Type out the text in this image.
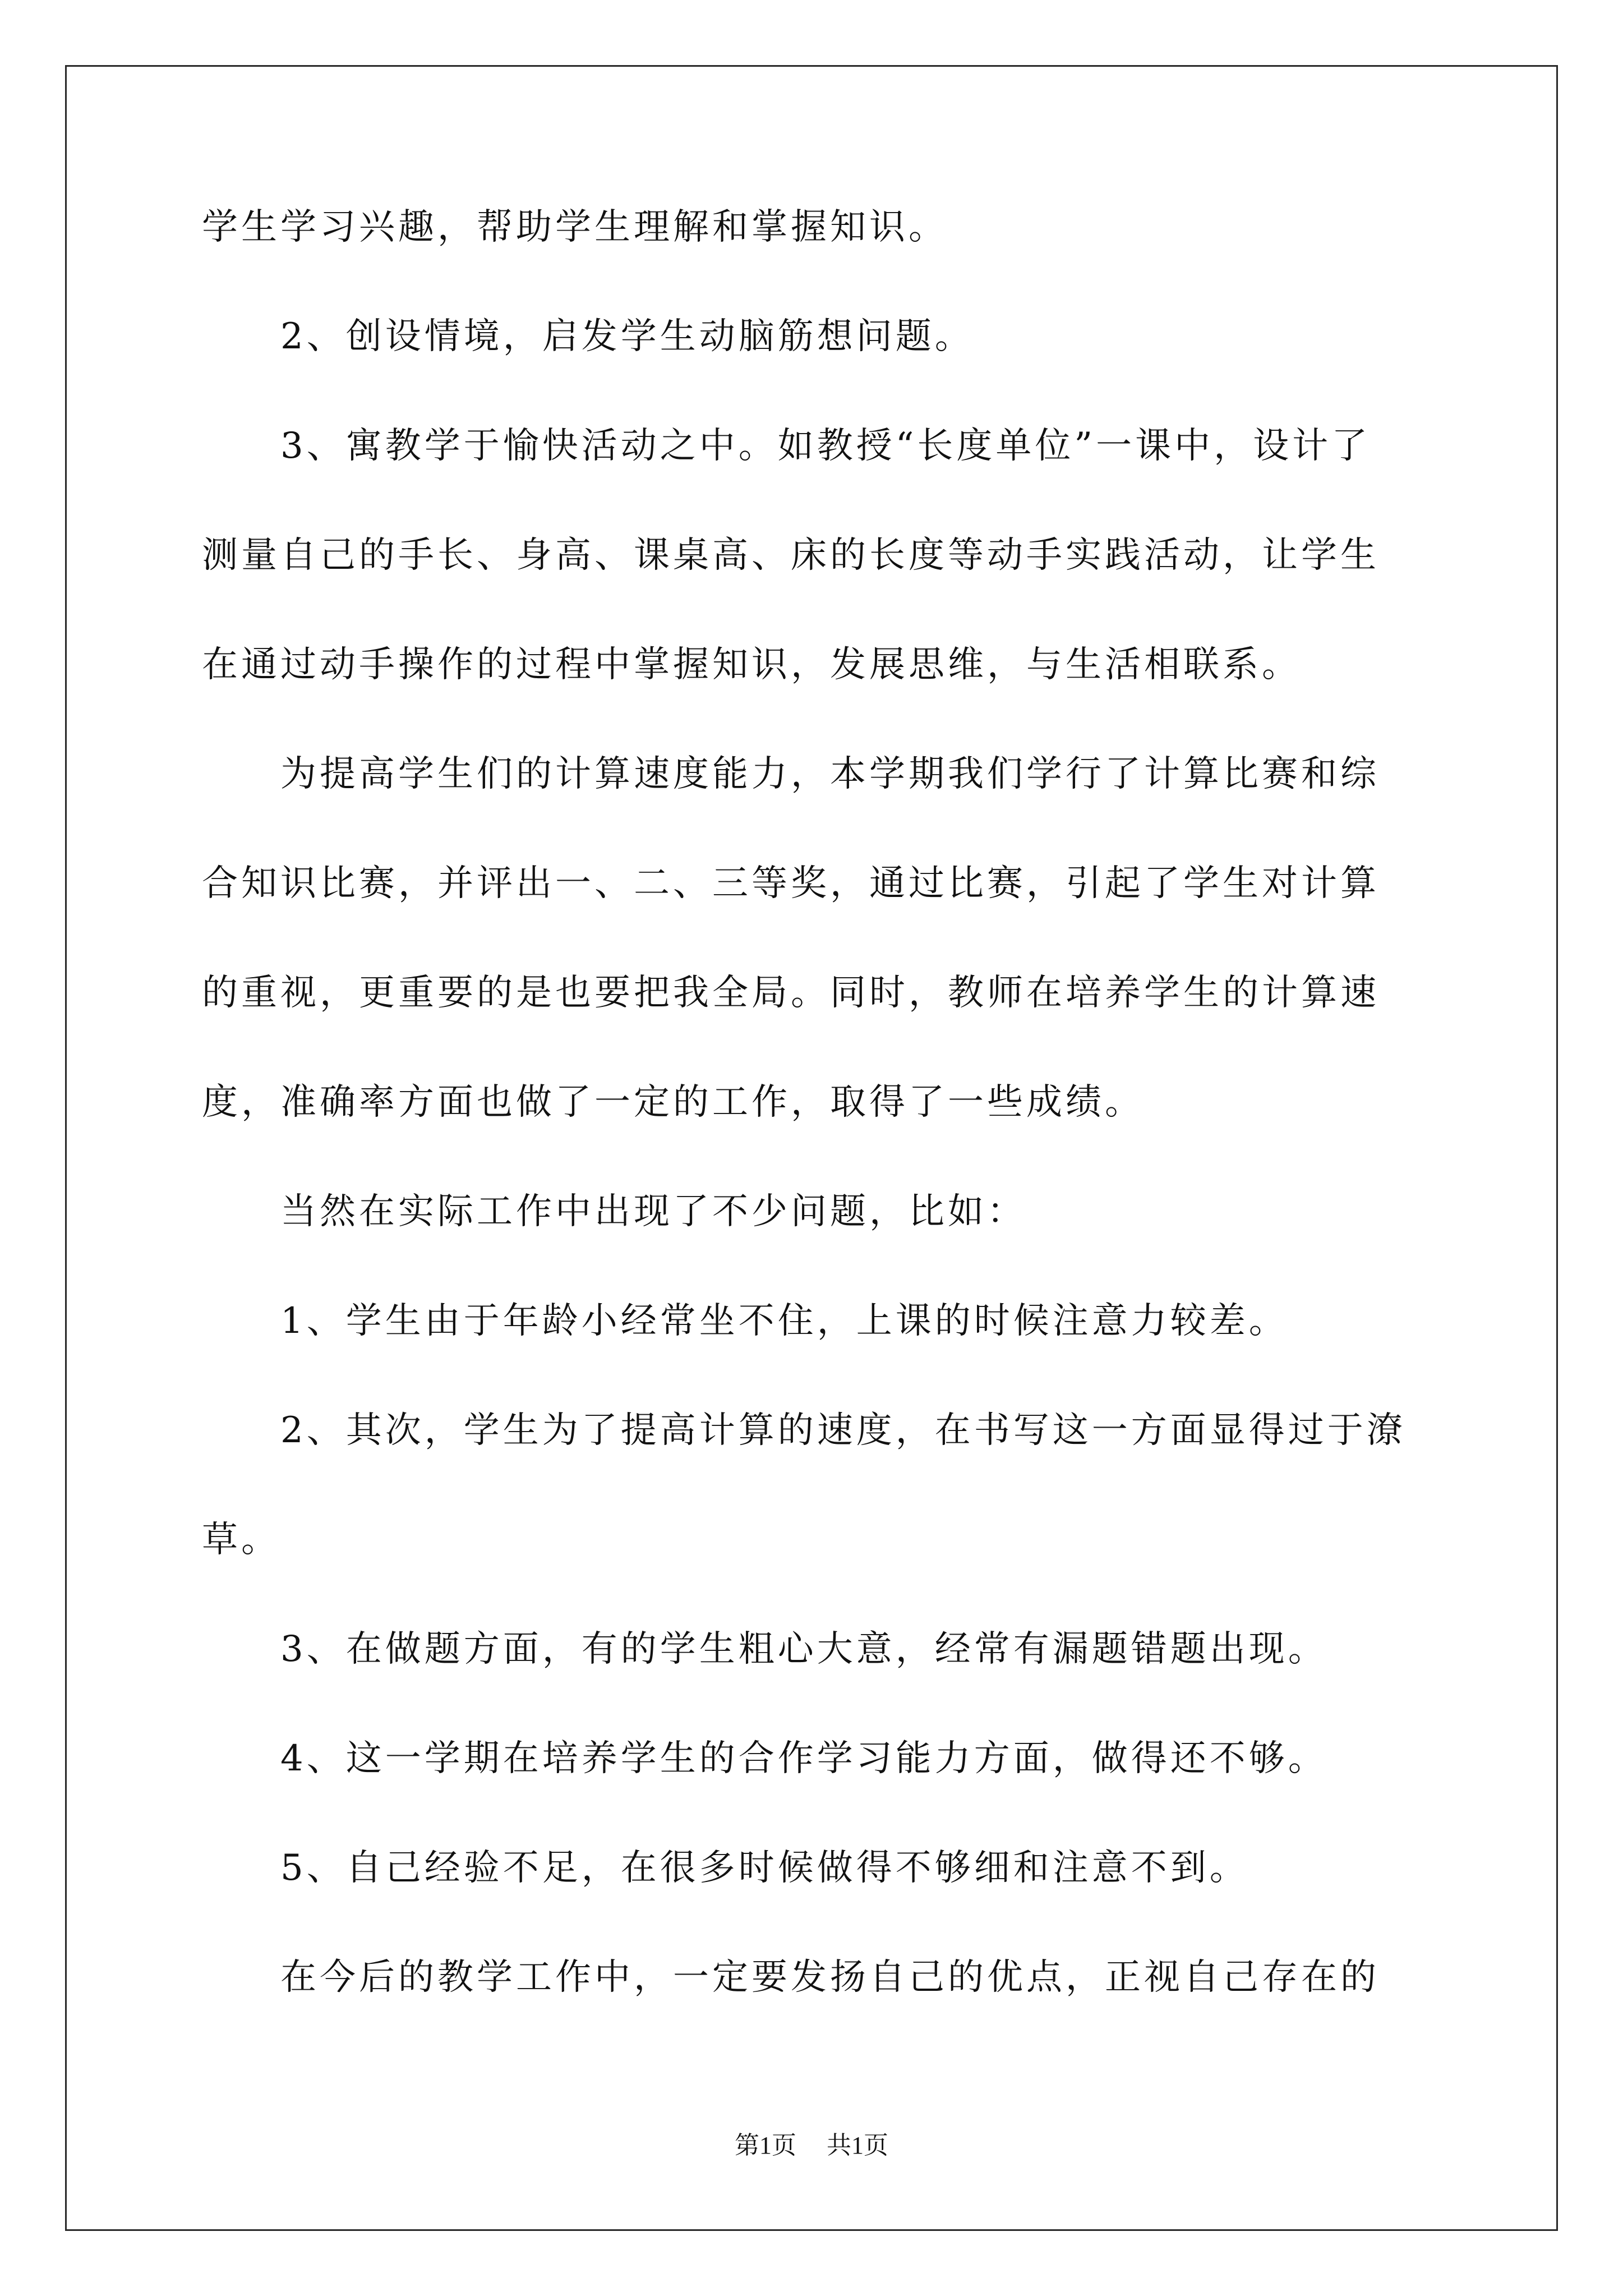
学生学习兴趣，帮助学生理解和掌握知识。
2、创设情境，启发学生动脑筋想问题。
3、寓教学于愉快活动之中。如教授“长度单位”一课中，设计了
测量自己的手长、身高、课桌高、床的长度等动手实践活动，让学生
在通过动手操作的过程中掌握知识，发展思维，与生活相联系。
为提高学生们的计算速度能力，本学期我们学行了计算比赛和综
合知识比赛，并评出一、二、三等奖，通过比赛，引起了学生对计算
的重视，更重要的是也要把我全局。同时，教师在培养学生的计算速
度，准确率方面也做了一定的工作，取得了一些成绩。
当然在实际工作中出现了不少问题，比如：
1、学生由于年龄小经常坐不住，上课的时候注意力较差。
2、其次，学生为了提高计算的速度，在书写这一方面显得过于潦
草。
3、在做题方面，有的学生粗心大意，经常有漏题错题出现。
4、这一学期在培养学生的合作学习能力方面，做得还不够。
5、自己经验不足，在很多时候做得不够细和注意不到。
在今后的教学工作中，一定要发扬自己的优点，正视自己存在的
第1页 共1页
